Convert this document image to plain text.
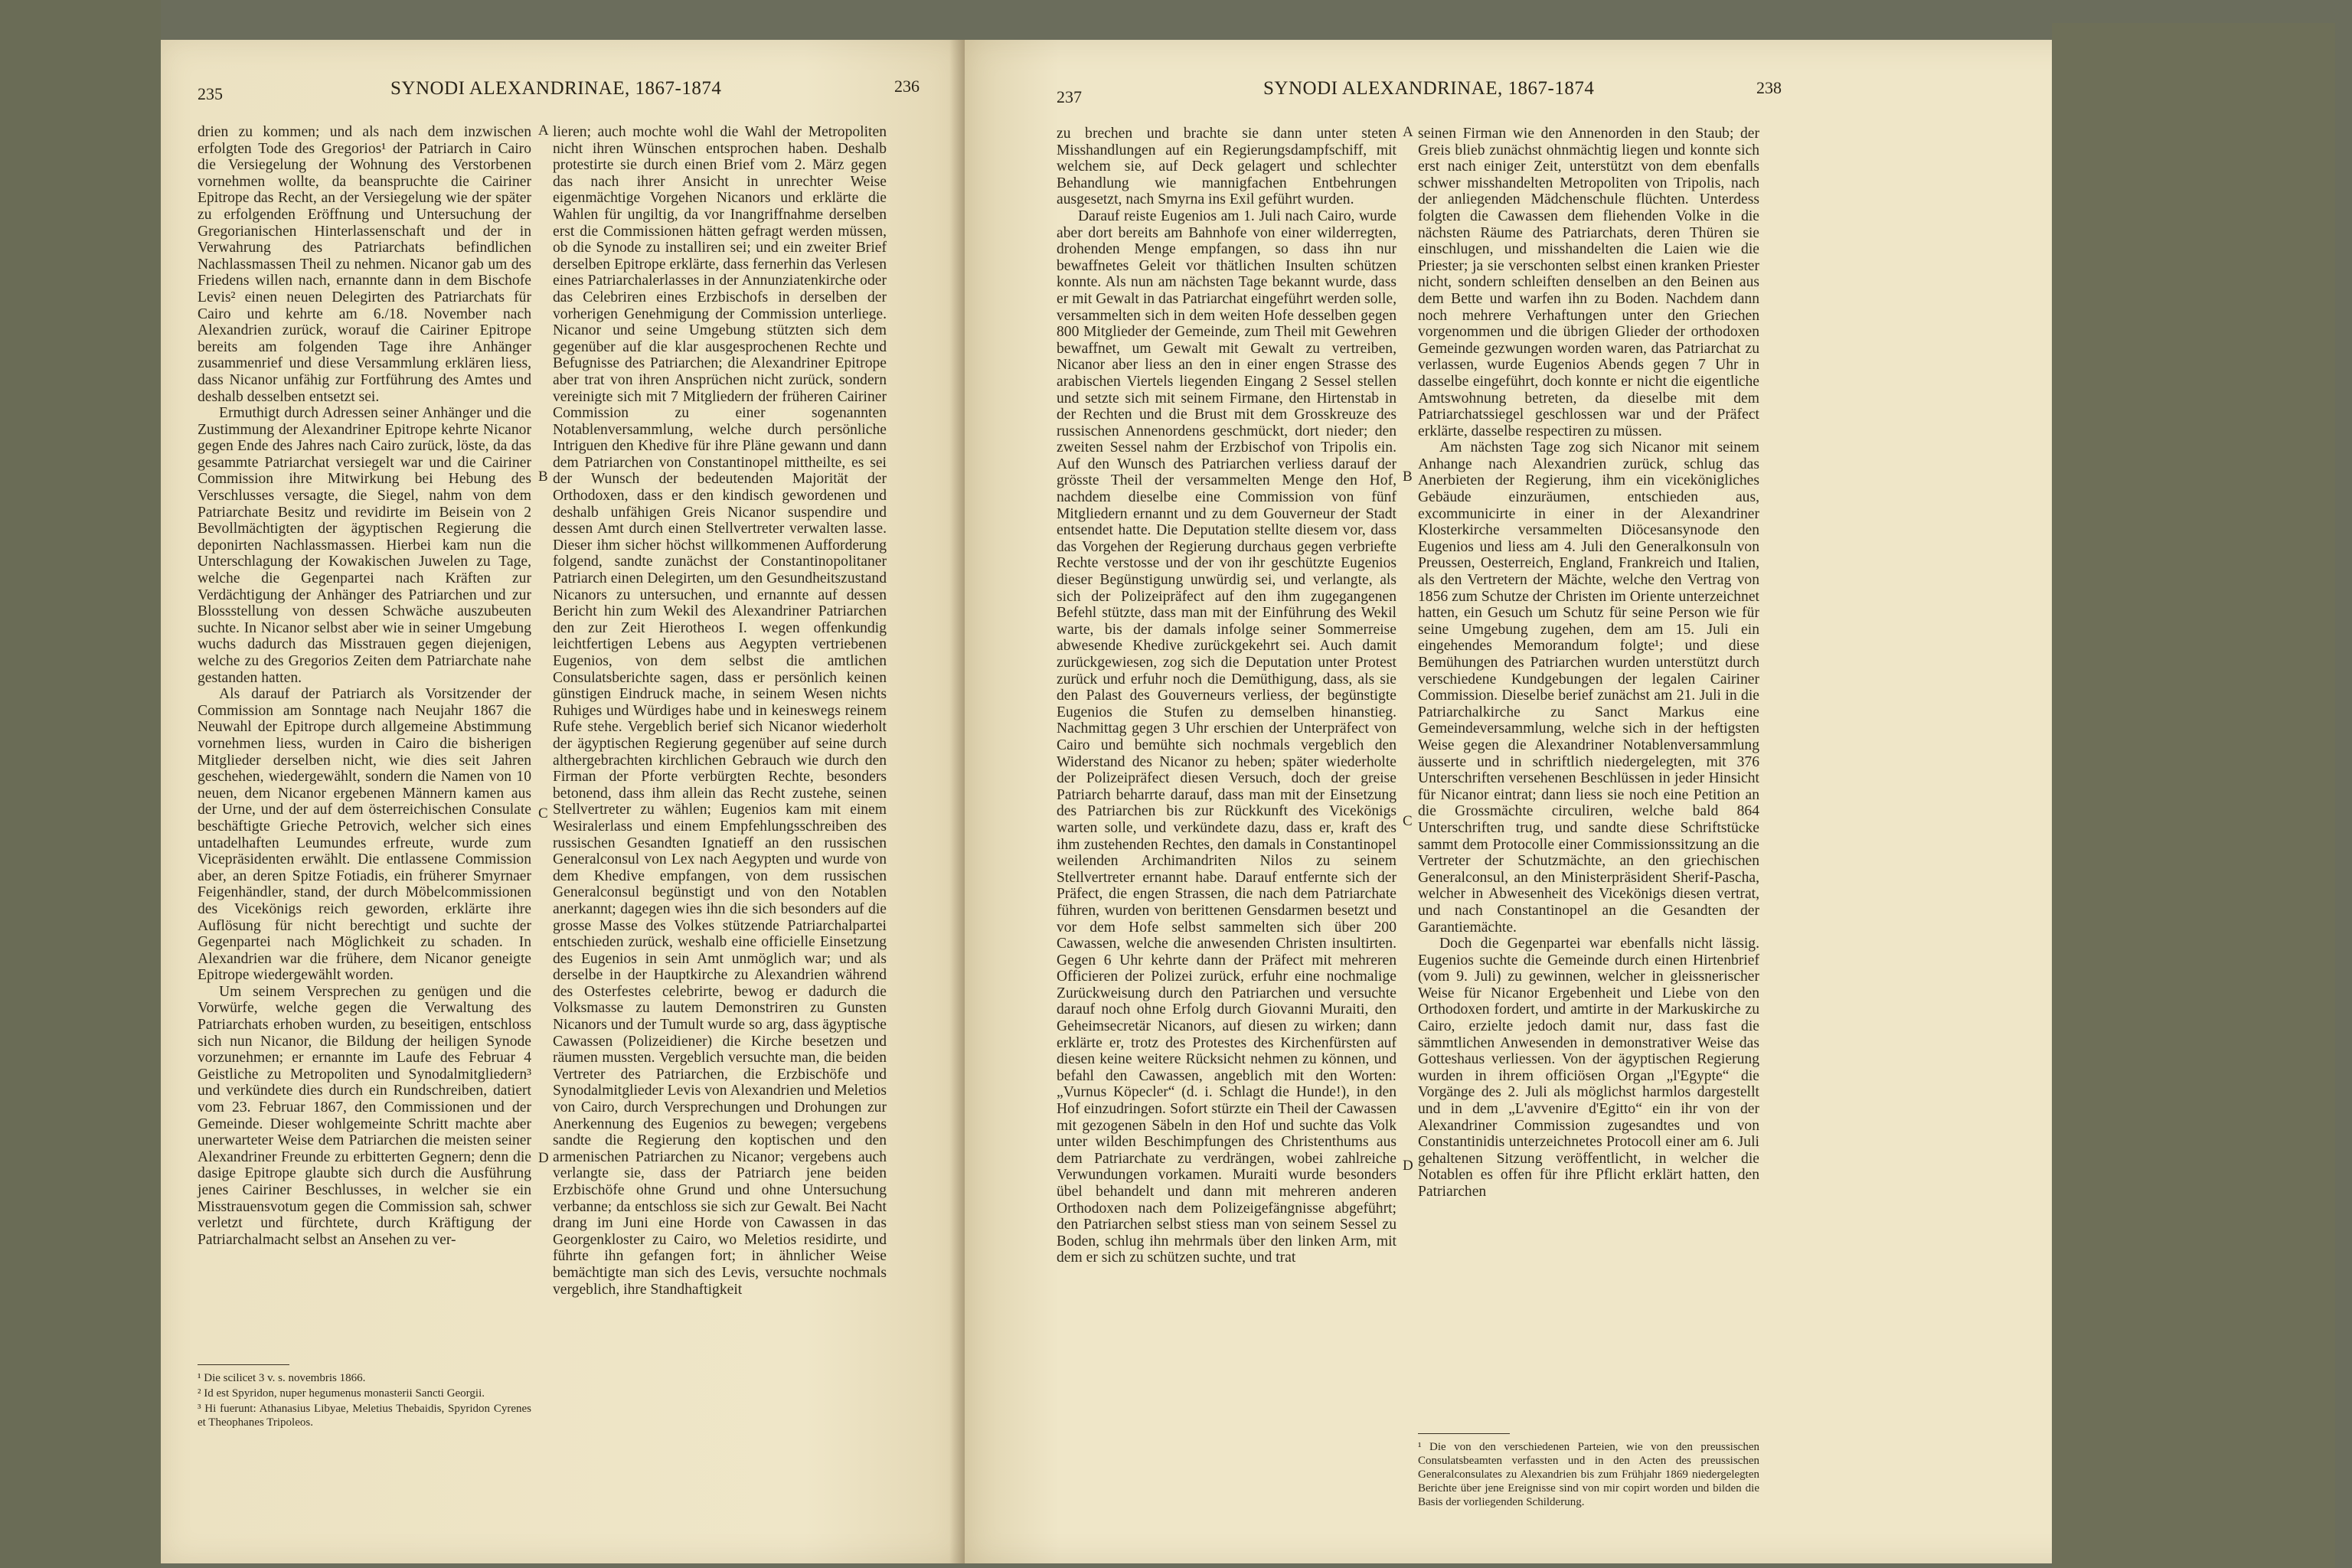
235	SYNODI ALEXANDRINAE, 1867-1874	236

drien zu kommen; und als nach dem inzwischen erfolgten Tode des Gregorios¹ der Patriarch in Cairo die Versiegelung der Wohnung des Verstorbenen vornehmen wollte, da beanspruchte die Cairiner Epitrope das Recht, an der Versiegelung wie der später zu erfolgenden Eröffnung und Untersuchung der Gregorianischen Hinterlassenschaft und der in Verwahrung des Patriarchats befindlichen Nachlassmassen Theil zu nehmen. Nicanor gab um des Friedens willen nach, ernannte dann in dem Bischofe Levis² einen neuen Delegirten des Patriarchats für Cairo und kehrte am 6./18. November nach Alexandrien zurück, worauf die Cairiner Epitrope bereits am folgenden Tage ihre Anhänger zusammenrief und diese Versammlung erklären liess, dass Nicanor unfähig zur Fortführung des Amtes und deshalb desselben entsetzt sei.

Ermuthigt durch Adressen seiner Anhänger und die Zustimmung der Alexandriner Epitrope kehrte Nicanor gegen Ende des Jahres nach Cairo zurück, löste, da das gesammte Patriarchat versiegelt war und die Cairiner Commission ihre Mitwirkung bei Hebung des Verschlusses versagte, die Siegel, nahm von dem Patriarchate Besitz und revidirte im Beisein von 2 Bevollmächtigten der ägyptischen Regierung die deponirten Nachlassmassen. Hierbei kam nun die Unterschlagung der Kowakischen Juwelen zu Tage, welche die Gegenpartei nach Kräften zur Verdächtigung der Anhänger des Patriarchen und zur Blossstellung von dessen Schwäche auszubeuten suchte. In Nicanor selbst aber wie in seiner Umgebung wuchs dadurch das Misstrauen gegen diejenigen, welche zu des Gregorios Zeiten dem Patriarchate nahe gestanden hatten.

Als darauf der Patriarch als Vorsitzender der Commission am Sonntage nach Neujahr 1867 die Neuwahl der Epitrope durch allgemeine Abstimmung vornehmen liess, wurden in Cairo die bisherigen Mitglieder derselben nicht, wie dies seit Jahren geschehen, wiedergewählt, sondern die Namen von 10 neuen, dem Nicanor ergebenen Männern kamen aus der Urne, und der auf dem österreichischen Consulate beschäftigte Grieche Petrovich, welcher sich eines untadelhaften Leumundes erfreute, wurde zum Vicepräsidenten erwählt. Die entlassene Commission aber, an deren Spitze Fotiadis, ein früherer Smyrnaer Feigenhändler, stand, der durch Möbelcommissionen des Vicekönigs reich geworden, erklärte ihre Auflösung für nicht berechtigt und suchte der Gegenpartei nach Möglichkeit zu schaden. In Alexandrien war die frühere, dem Nicanor geneigte Epitrope wiedergewählt worden.

Um seinem Versprechen zu genügen und die Vorwürfe, welche gegen die Verwaltung des Patriarchats erhoben wurden, zu beseitigen, entschloss sich nun Nicanor, die Bildung der heiligen Synode vorzunehmen; er ernannte im Laufe des Februar 4 Geistliche zu Metropoliten und Synodalmitgliedern³ und verkündete dies durch ein Rundschreiben, datiert vom 23. Februar 1867, den Commissionen und der Gemeinde. Dieser wohlgemeinte Schritt machte aber unerwarteter Weise dem Patriarchen die meisten seiner Alexandriner Freunde zu erbitterten Gegnern; denn die dasige Epitrope glaubte sich durch die Ausführung jenes Cairiner Beschlusses, in welcher sie ein Misstrauensvotum gegen die Commission sah, schwer verletzt und fürchtete, durch Kräftigung der Patriarchalmacht selbst an Ansehen zu ver-

A
B
C
D

lieren; auch mochte wohl die Wahl der Metropoliten nicht ihren Wünschen entsprochen haben. Deshalb protestirte sie durch einen Brief vom 2. März gegen das nach ihrer Ansicht in unrechter Weise eigenmächtige Vorgehen Nicanors und erklärte die Wahlen für ungiltig, da vor Inangriffnahme derselben erst die Commissionen hätten gefragt werden müssen, ob die Synode zu installiren sei; und ein zweiter Brief derselben Epitrope erklärte, dass fernerhin das Verlesen eines Patriarchalerlasses in der Annunziatenkirche oder das Celebriren eines Erzbischofs in derselben der vorherigen Genehmigung der Commission unterliege. Nicanor und seine Umgebung stützten sich dem gegenüber auf die klar ausgesprochenen Rechte und Befugnisse des Patriarchen; die Alexandriner Epitrope aber trat von ihren Ansprüchen nicht zurück, sondern vereinigte sich mit 7 Mitgliedern der früheren Cairiner Commission zu einer sogenannten Notablenversammlung, welche durch persönliche Intriguen den Khedive für ihre Pläne gewann und dann dem Patriarchen von Constantinopel mittheilte, es sei der Wunsch der bedeutenden Majorität der Orthodoxen, dass er den kindisch gewordenen und deshalb unfähigen Greis Nicanor suspendire und dessen Amt durch einen Stellvertreter verwalten lasse. Dieser ihm sicher höchst willkommenen Aufforderung folgend, sandte zunächst der Constantinopolitaner Patriarch einen Delegirten, um den Gesundheitszustand Nicanors zu untersuchen, und ernannte auf dessen Bericht hin zum Wekil des Alexandriner Patriarchen den zur Zeit Hierotheos I. wegen offenkundig leichtfertigen Lebens aus Aegypten vertriebenen Eugenios, von dem selbst die amtlichen Consulatsberichte sagen, dass er persönlich keinen günstigen Eindruck mache, in seinem Wesen nichts Ruhiges und Würdiges habe und in keineswegs reinem Rufe stehe. Vergeblich berief sich Nicanor wiederholt der ägyptischen Regierung gegenüber auf seine durch althergebrachten kirchlichen Gebrauch wie durch den Firman der Pforte verbürgten Rechte, besonders betonend, dass ihm allein das Recht zustehe, seinen Stellvertreter zu wählen; Eugenios kam mit einem Wesiralerlass und einem Empfehlungsschreiben des russischen Gesandten Ignatieff an den russischen Generalconsul von Lex nach Aegypten und wurde von dem Khedive empfangen, von dem russischen Generalconsul begünstigt und von den Notablen anerkannt; dagegen wies ihn die sich besonders auf die grosse Masse des Volkes stützende Patriarchalpartei entschieden zurück, weshalb eine officielle Einsetzung des Eugenios in sein Amt unmöglich war; und als derselbe in der Hauptkirche zu Alexandrien während des Osterfestes celebrirte, bewog er dadurch die Volksmasse zu lautem Demonstriren zu Gunsten Nicanors und der Tumult wurde so arg, dass ägyptische Cawassen (Polizeidiener) die Kirche besetzen und räumen mussten. Vergeblich versuchte man, die beiden Vertreter des Patriarchen, die Erzbischöfe und Synodalmitglieder Levis von Alexandrien und Meletios von Cairo, durch Versprechungen und Drohungen zur Anerkennung des Eugenios zu bewegen; vergebens sandte die Regierung den koptischen und den armenischen Patriarchen zu Nicanor; vergebens auch verlangte sie, dass der Patriarch jene beiden Erzbischöfe ohne Grund und ohne Untersuchung verbanne; da entschloss sie sich zur Gewalt. Bei Nacht drang im Juni eine Horde von Cawassen in das Georgenkloster zu Cairo, wo Meletios residirte, und führte ihn gefangen fort; in ähnlicher Weise bemächtigte man sich des Levis, versuchte nochmals vergeblich, ihre Standhaftigkeit

¹ Die scilicet 3 v. s. novembris 1866.

² Id est Spyridon, nuper hegumenus monasterii Sancti Georgii.

³ Hi fuerunt: Athanasius Libyae, Meletius Thebaidis, Spyridon Cyrenes et Theophanes Tripoleos.

237	SYNODI ALEXANDRINAE, 1867-1874	238

zu brechen und brachte sie dann unter steten Misshandlungen auf ein Regierungsdampfschiff, mit welchem sie, auf Deck gelagert und schlechter Behandlung wie mannigfachen Entbehrungen ausgesetzt, nach Smyrna ins Exil geführt wurden.

Darauf reiste Eugenios am 1. Juli nach Cairo, wurde aber dort bereits am Bahnhofe von einer wilderregten, drohenden Menge empfangen, so dass ihn nur bewaffnetes Geleit vor thätlichen Insulten schützen konnte. Als nun am nächsten Tage bekannt wurde, dass er mit Gewalt in das Patriarchat eingeführt werden solle, versammelten sich in dem weiten Hofe desselben gegen 800 Mitglieder der Gemeinde, zum Theil mit Gewehren bewaffnet, um Gewalt mit Gewalt zu vertreiben, Nicanor aber liess an den in einer engen Strasse des arabischen Viertels liegenden Eingang 2 Sessel stellen und setzte sich mit seinem Firmane, den Hirtenstab in der Rechten und die Brust mit dem Grosskreuze des russischen Annenordens geschmückt, dort nieder; den zweiten Sessel nahm der Erzbischof von Tripolis ein. Auf den Wunsch des Patriarchen verliess darauf der grösste Theil der versammelten Menge den Hof, nachdem dieselbe eine Commission von fünf Mitgliedern ernannt und zu dem Gouverneur der Stadt entsendet hatte. Die Deputation stellte diesem vor, dass das Vorgehen der Regierung durchaus gegen verbriefte Rechte verstosse und der von ihr geschützte Eugenios dieser Begünstigung unwürdig sei, und verlangte, als sich der Polizeipräfect auf den ihm zugegangenen Befehl stützte, dass man mit der Einführung des Wekil warte, bis der damals infolge seiner Sommerreise abwesende Khedive zurückgekehrt sei. Auch damit zurückgewiesen, zog sich die Deputation unter Protest zurück und erfuhr noch die Demüthigung, dass, als sie den Palast des Gouverneurs verliess, der begünstigte Eugenios die Stufen zu demselben hinanstieg. Nachmittag gegen 3 Uhr erschien der Unterpräfect von Cairo und bemühte sich nochmals vergeblich den Widerstand des Nicanor zu heben; später wiederholte der Polizeipräfect diesen Versuch, doch der greise Patriarch beharrte darauf, dass man mit der Einsetzung des Patriarchen bis zur Rückkunft des Vicekönigs warten solle, und verkündete dazu, dass er, kraft des ihm zustehenden Rechtes, den damals in Constantinopel weilenden Archimandriten Nilos zu seinem Stellvertreter ernannt habe. Darauf entfernte sich der Präfect, die engen Strassen, die nach dem Patriarchate führen, wurden von berittenen Gensdarmen besetzt und vor dem Hofe selbst sammelten sich über 200 Cawassen, welche die anwesenden Christen insultirten. Gegen 6 Uhr kehrte dann der Präfect mit mehreren Officieren der Polizei zurück, erfuhr eine nochmalige Zurückweisung durch den Patriarchen und versuchte darauf noch ohne Erfolg durch Giovanni Muraiti, den Geheimsecretär Nicanors, auf diesen zu wirken; dann erklärte er, trotz des Protestes des Kirchenfürsten auf diesen keine weitere Rücksicht nehmen zu können, und befahl den Cawassen, angeblich mit den Worten: „Vurnus Köpecler“ (d. i. Schlagt die Hunde!), in den Hof einzudringen. Sofort stürzte ein Theil der Cawassen mit gezogenen Säbeln in den Hof und suchte das Volk unter wilden Beschimpfungen des Christenthums aus dem Patriarchate zu verdrängen, wobei zahlreiche Verwundungen vorkamen. Muraiti wurde besonders übel behandelt und dann mit mehreren anderen Orthodoxen nach dem Polizeigefängnisse abgeführt; den Patriarchen selbst stiess man von seinem Sessel zu Boden, schlug ihn mehrmals über den linken Arm, mit dem er sich zu schützen suchte, und trat

A
B
C
D

seinen Firman wie den Annenorden in den Staub; der Greis blieb zunächst ohnmächtig liegen und konnte sich erst nach einiger Zeit, unterstützt von dem ebenfalls schwer misshandelten Metropoliten von Tripolis, nach der anliegenden Mädchenschule flüchten. Unterdess folgten die Cawassen dem fliehenden Volke in die nächsten Räume des Patriarchats, deren Thüren sie einschlugen, und misshandelten die Laien wie die Priester; ja sie verschonten selbst einen kranken Priester nicht, sondern schleiften denselben an den Beinen aus dem Bette und warfen ihn zu Boden. Nachdem dann noch mehrere Verhaftungen unter den Griechen vorgenommen und die übrigen Glieder der orthodoxen Gemeinde gezwungen worden waren, das Patriarchat zu verlassen, wurde Eugenios Abends gegen 7 Uhr in dasselbe eingeführt, doch konnte er nicht die eigentliche Amtswohnung betreten, da dieselbe mit dem Patriarchatssiegel geschlossen war und der Präfect erklärte, dasselbe respectiren zu müssen.

Am nächsten Tage zog sich Nicanor mit seinem Anhange nach Alexandrien zurück, schlug das Anerbieten der Regierung, ihm ein vicekönigliches Gebäude einzuräumen, entschieden aus, excommunicirte in einer in der Alexandriner Klosterkirche versammelten Diöcesansynode den Eugenios und liess am 4. Juli den Generalkonsuln von Preussen, Oesterreich, England, Frankreich und Italien, als den Vertretern der Mächte, welche den Vertrag von 1856 zum Schutze der Christen im Oriente unterzeichnet hatten, ein Gesuch um Schutz für seine Person wie für seine Umgebung zugehen, dem am 15. Juli ein eingehendes Memorandum folgte¹; und diese Bemühungen des Patriarchen wurden unterstützt durch verschiedene Kundgebungen der legalen Cairiner Commission. Dieselbe berief zunächst am 21. Juli in die Patriarchalkirche zu Sanct Markus eine Gemeindeversammlung, welche sich in der heftigsten Weise gegen die Alexandriner Notablenversammlung äusserte und in schriftlich niedergelegten, mit 376 Unterschriften versehenen Beschlüssen in jeder Hinsicht für Nicanor eintrat; dann liess sie noch eine Petition an die Grossmächte circuliren, welche bald 864 Unterschriften trug, und sandte diese Schriftstücke sammt dem Protocolle einer Commissionssitzung an die Vertreter der Schutzmächte, an den griechischen Generalconsul, an den Ministerpräsident Sherif-Pascha, welcher in Abwesenheit des Vicekönigs diesen vertrat, und nach Constantinopel an die Gesandten der Garantiemächte.

Doch die Gegenpartei war ebenfalls nicht lässig. Eugenios suchte die Gemeinde durch einen Hirtenbrief (vom 9. Juli) zu gewinnen, welcher in gleissnerischer Weise für Nicanor Ergebenheit und Liebe von den Orthodoxen fordert, und amtirte in der Markuskirche zu Cairo, erzielte jedoch damit nur, dass fast die sämmtlichen Anwesenden in demonstrativer Weise das Gotteshaus verliessen. Von der ägyptischen Regierung wurden in ihrem officiösen Organ „l'Egypte“ die Vorgänge des 2. Juli als möglichst harmlos dargestellt und in dem „L'avvenire d'Egitto“ ein ihr von der Alexandriner Commission zugesandtes und von Constantinidis unterzeichnetes Protocoll einer am 6. Juli gehaltenen Sitzung veröffentlicht, in welcher die Notablen es offen für ihre Pflicht erklärt hatten, den Patriarchen

¹ Die von den verschiedenen Parteien, wie von den preussischen Consulatsbeamten verfassten und in den Acten des preussischen Generalconsulates zu Alexandrien bis zum Frühjahr 1869 niedergelegten Berichte über jene Ereignisse sind von mir copirt worden und bilden die Basis der vorliegenden Schilderung.
